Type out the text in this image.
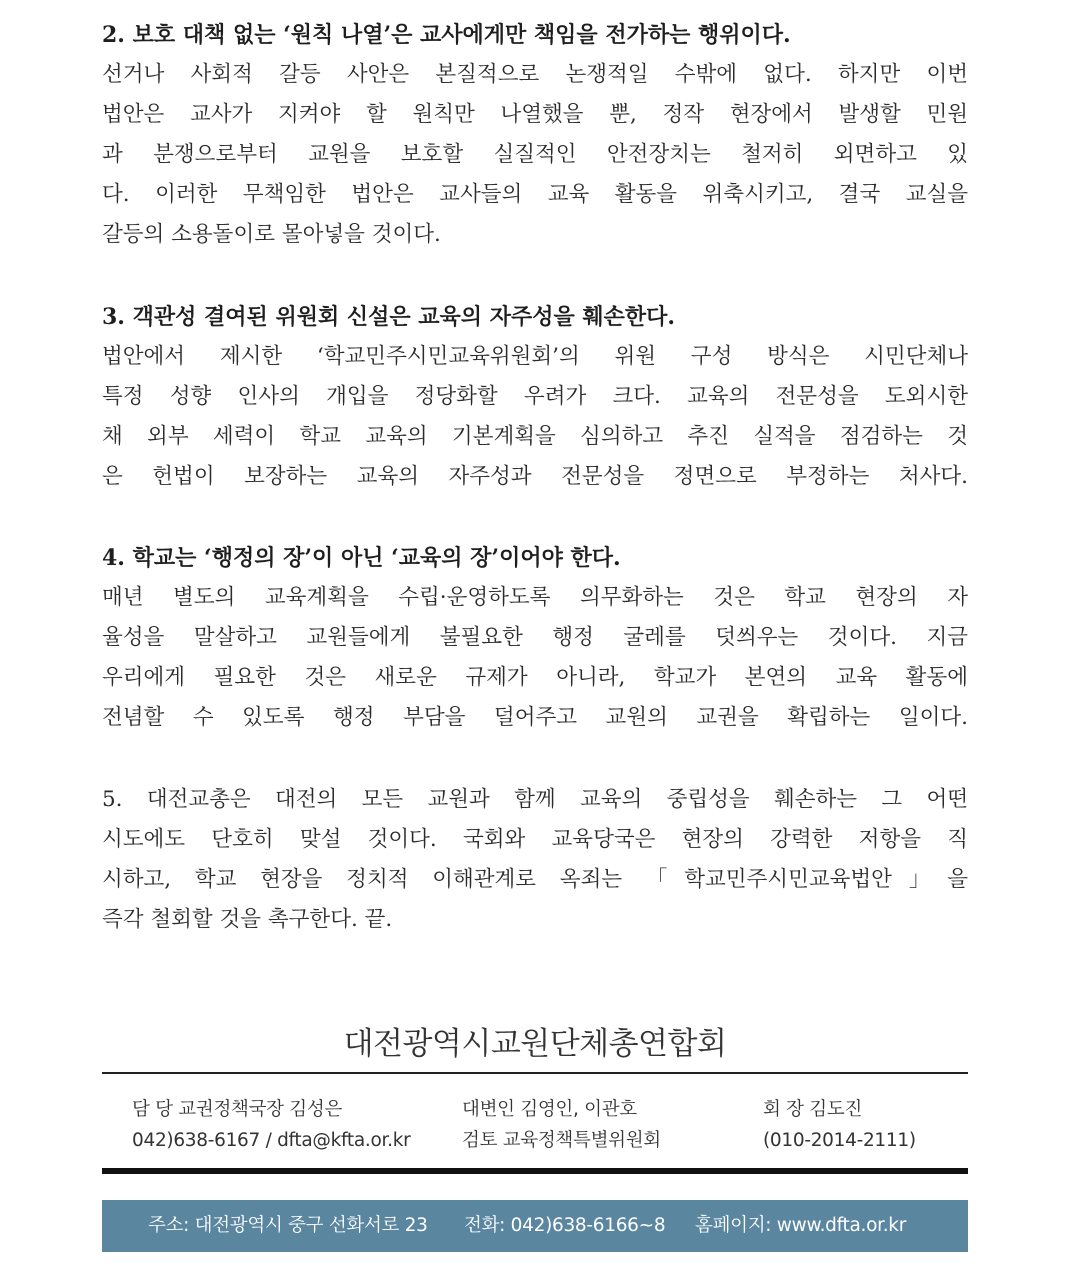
2. 보호 대책 없는 ‘원칙 나열’은 교사에게만 책임을 전가하는 행위이다.
선거나 사회적 갈등 사안은 본질적으로 논쟁적일 수밖에 없다. 하지만 이번
법안은 교사가 지켜야 할 원칙만 나열했을 뿐, 정작 현장에서 발생할 민원
과 분쟁으로부터 교원을 보호할 실질적인 안전장치는 철저히 외면하고 있
다. 이러한 무책임한 법안은 교사들의 교육 활동을 위축시키고, 결국 교실을
갈등의 소용돌이로 몰아넣을 것이다.
3. 객관성 결여된 위원회 신설은 교육의 자주성을 훼손한다.
법안에서 제시한 ‘학교민주시민교육위원회’의 위원 구성 방식은 시민단체나
특정 성향 인사의 개입을 정당화할 우려가 크다. 교육의 전문성을 도외시한
채 외부 세력이 학교 교육의 기본계획을 심의하고 추진 실적을 점검하는 것
은 헌법이 보장하는 교육의 자주성과 전문성을 정면으로 부정하는 처사다.
4. 학교는 ‘행정의 장’이 아닌 ‘교육의 장’이어야 한다.
매년 별도의 교육계획을 수립·운영하도록 의무화하는 것은 학교 현장의 자
율성을 말살하고 교원들에게 불필요한 행정 굴레를 덧씌우는 것이다. 지금
우리에게 필요한 것은 새로운 규제가 아니라, 학교가 본연의 교육 활동에
전념할 수 있도록 행정 부담을 덜어주고 교원의 교권을 확립하는 일이다.
5. 대전교총은 대전의 모든 교원과 함께 교육의 중립성을 훼손하는 그 어떤
시도에도 단호히 맞설 것이다. 국회와 교육당국은 현장의 강력한 저항을 직
시하고, 학교 현장을 정치적 이해관계로 옥죄는 「학교민주시민교육법안」을
즉각 철회할 것을 촉구한다. 끝.
대전광역시교원단체총연합회
담 당 교권정책국장 김성은
042)638-6167 / dfta@kfta.or.kr
대변인 김영인, 이관호
검토 교육정책특별위원회
회 장 김도진
(010-2014-2111)
주소: 대전광역시 중구 선화서로 23 전화: 042)638-6166~8 홈페이지: www.dfta.or.kr
